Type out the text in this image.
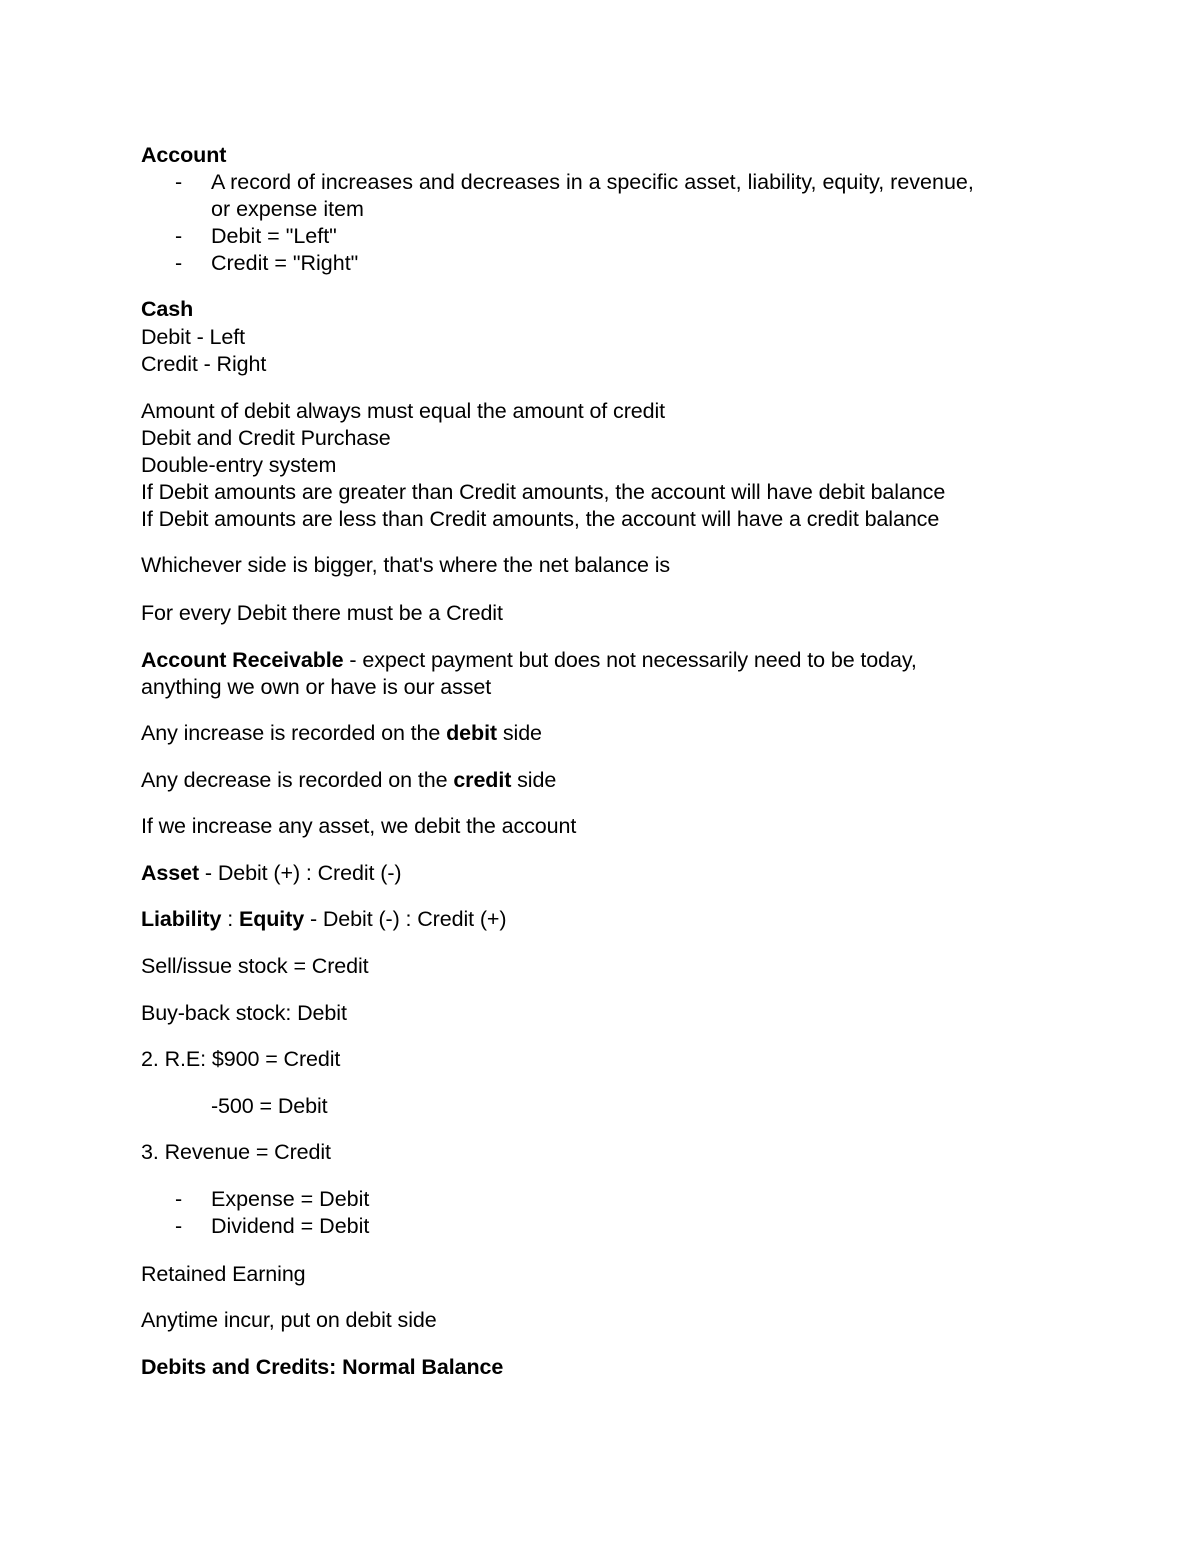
Account

- A record of increases and decreases in a specific asset, liability, equity, revenue,
or expense item
- Debit = "Left"
- Credit = "Right"

Cash

Debit - Left

Credit - Right

Amount of debit always must equal the amount of credit

Debit and Credit Purchase

Double-entry system

If Debit amounts are greater than Credit amounts, the account will have debit balance

If Debit amounts are less than Credit amounts, the account will have a credit balance

Whichever side is bigger, that's where the net balance is

For every Debit there must be a Credit

Account Receivable - expect payment but does not necessarily need to be today,

anything we own or have is our asset

Any increase is recorded on the debit side

Any decrease is recorded on the credit side

If we increase any asset, we debit the account

Asset - Debit (+) : Credit (-)

Liability : Equity - Debit (-) : Credit (+)

Sell/issue stock = Credit

Buy-back stock: Debit

2. R.E: $900 = Credit

-500 = Debit

3. Revenue = Credit

- Expense = Debit
- Dividend = Debit

Retained Earning

Anytime incur, put on debit side

Debits and Credits: Normal Balance
